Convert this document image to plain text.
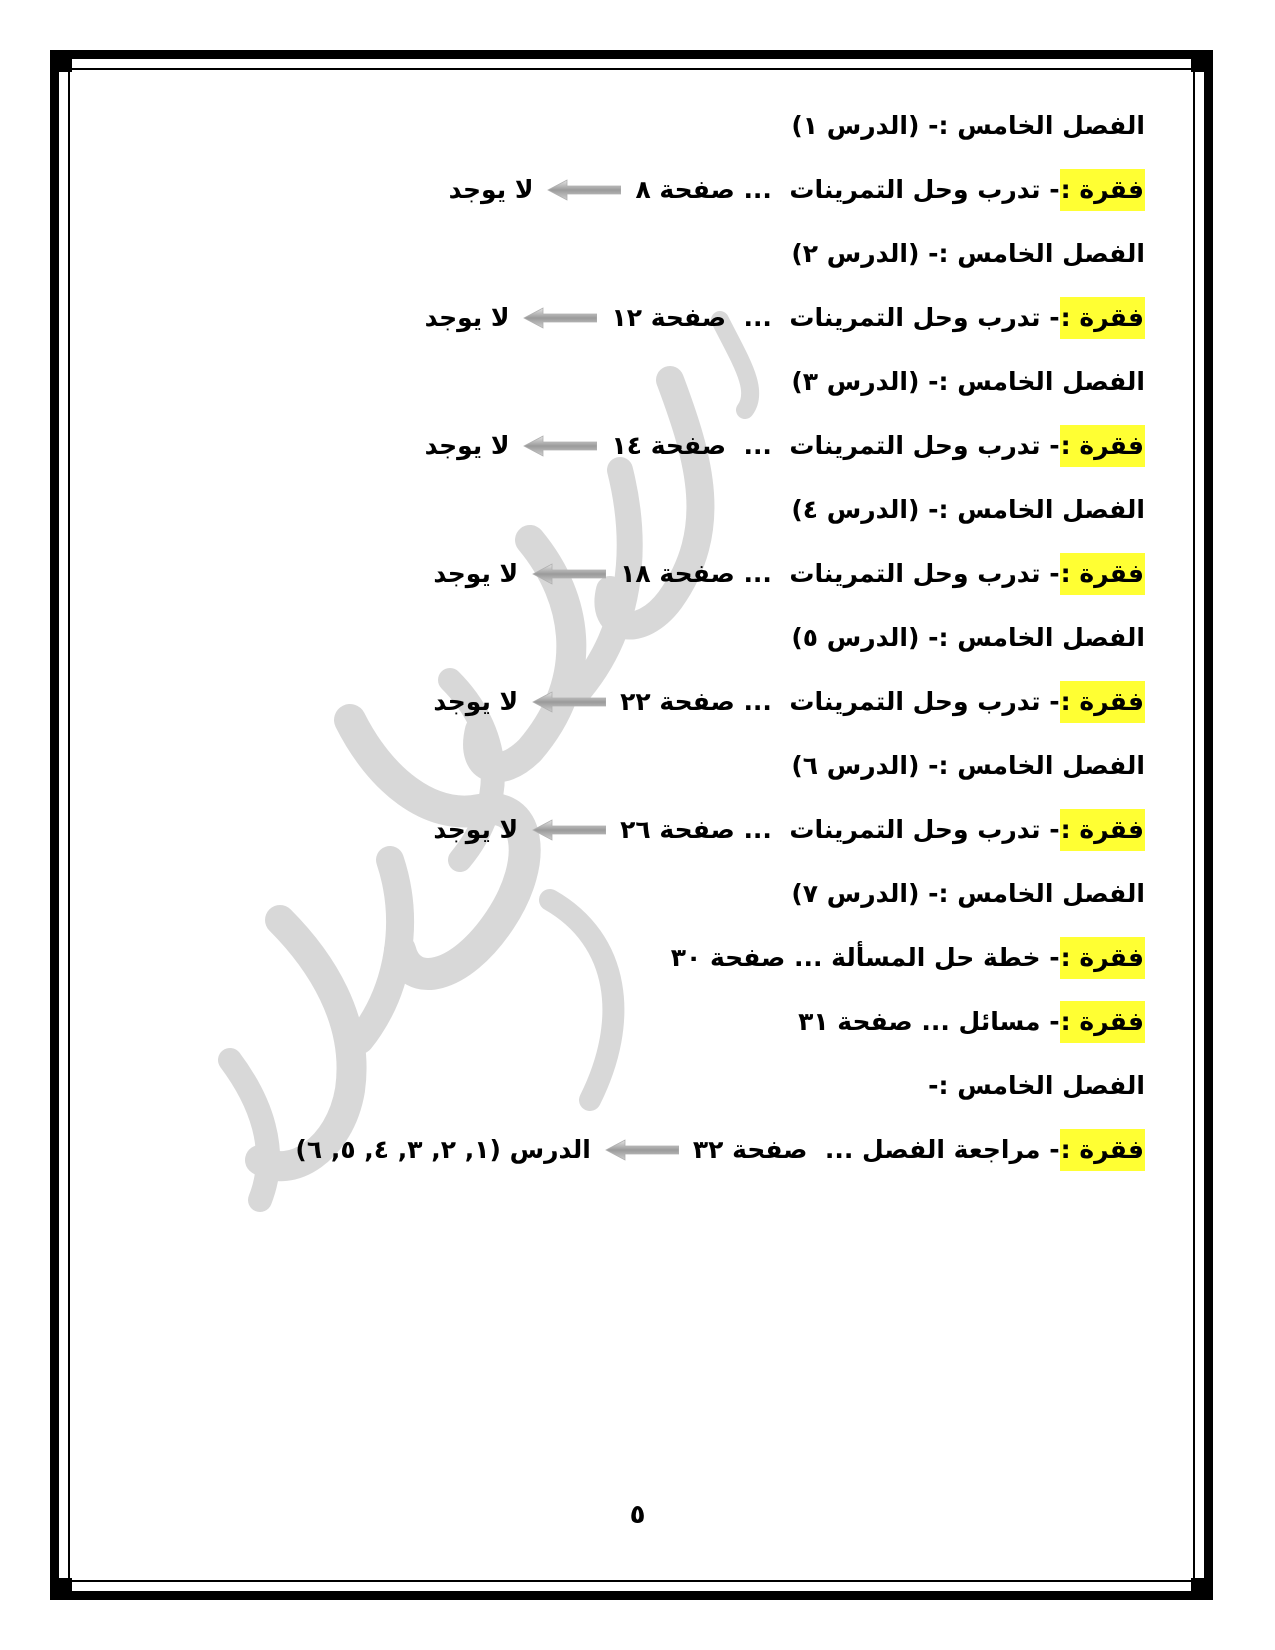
الفصل الخامس :- (الدرس ١)
فقرة :
- تدرب وحل التمرينات  ... صفحة ٨
لا يوجد
الفصل الخامس :- (الدرس ٢)
فقرة :
- تدرب وحل التمرينات  ...  صفحة ١٢
لا يوجد
الفصل الخامس :- (الدرس ٣)
فقرة :
- تدرب وحل التمرينات  ...  صفحة ١٤
لا يوجد
الفصل الخامس :- (الدرس ٤)
فقرة :
- تدرب وحل التمرينات  ... صفحة ١٨
لا يوجد
الفصل الخامس :- (الدرس ٥)
فقرة :
- تدرب وحل التمرينات  ... صفحة ٢٢
لا يوجد
الفصل الخامس :- (الدرس ٦)
فقرة :
- تدرب وحل التمرينات  ... صفحة ٢٦
لا يوجد
الفصل الخامس :- (الدرس ٧)
فقرة :
- خطة حل المسألة ... صفحة ٣٠
فقرة :
- مسائل ... صفحة ٣١
الفصل الخامس :-
فقرة :
- مراجعة الفصل ...  صفحة ٣٢
الدرس (١, ٢, ٣, ٤, ٥, ٦)
٥
